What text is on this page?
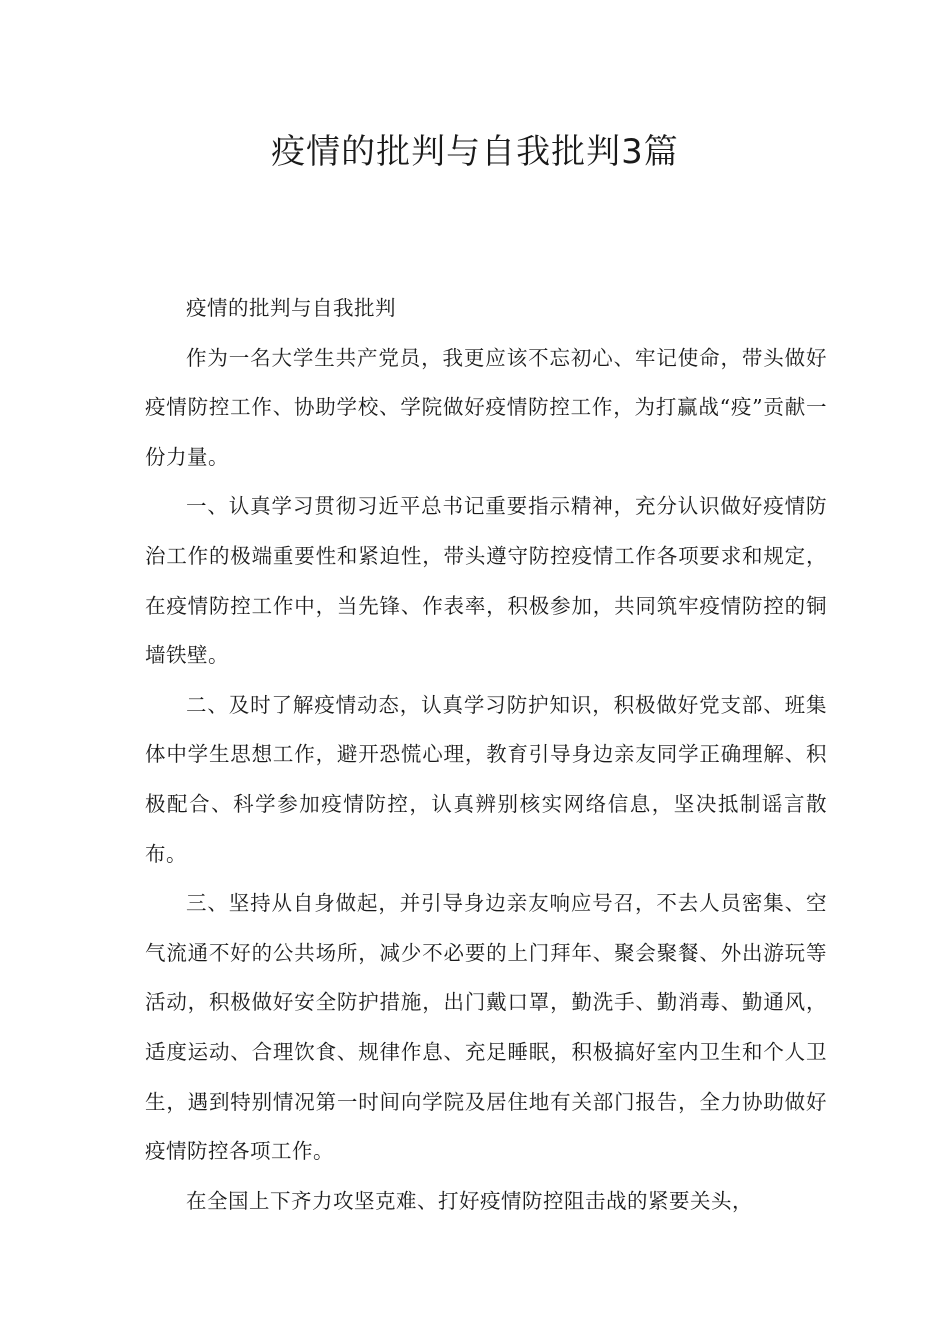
疫情的批判与自我批判3篇

疫情的批判与自我批判

作为一名大学生共产党员，我更应该不忘初心、牢记使命，带头做好疫情防控工作、协助学校、学院做好疫情防控工作，为打赢战“疫”贡献一份力量。

一、认真学习贯彻习近平总书记重要指示精神，充分认识做好疫情防治工作的极端重要性和紧迫性，带头遵守防控疫情工作各项要求和规定，在疫情防控工作中，当先锋、作表率，积极参加，共同筑牢疫情防控的铜墙铁壁。

二、及时了解疫情动态，认真学习防护知识，积极做好党支部、班集体中学生思想工作，避开恐慌心理，教育引导身边亲友同学正确理解、积极配合、科学参加疫情防控，认真辨别核实网络信息，坚决抵制谣言散布。

三、坚持从自身做起，并引导身边亲友响应号召，不去人员密集、空气流通不好的公共场所，减少不必要的上门拜年、聚会聚餐、外出游玩等活动，积极做好安全防护措施，出门戴口罩，勤洗手、勤消毒、勤通风，适度运动、合理饮食、规律作息、充足睡眠，积极搞好室内卫生和个人卫生，遇到特别情况第一时间向学院及居住地有关部门报告，全力协助做好疫情防控各项工作。

在全国上下齐力攻坚克难、打好疫情防控阻击战的紧要关头，
